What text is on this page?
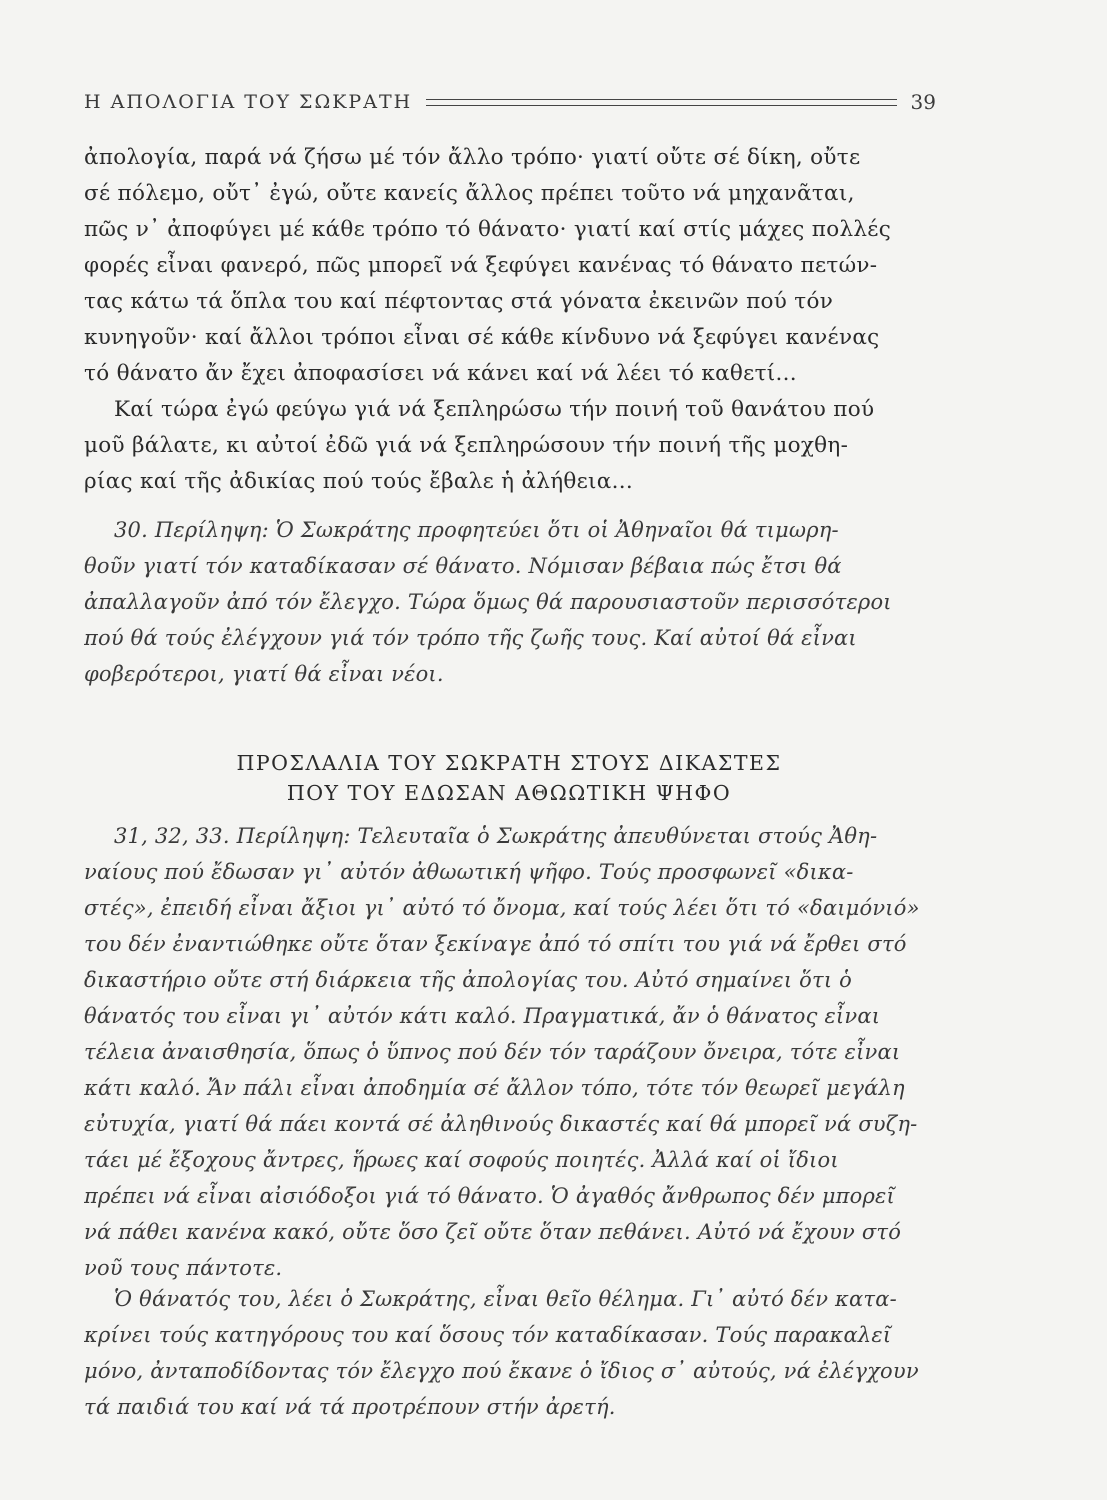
Η ΑΠΟΛΟΓΙΑ ΤΟΥ ΣΩΚΡΑΤΗ	39
ἀπολογία, παρά νά ζήσω μέ τόν ἄλλο τρόπο· γιατί οὔτε σέ δίκη, οὔτε
σέ πόλεμο, οὔτ᾽ ἐγώ, οὔτε κανείς ἄλλος πρέπει τοῦτο νά μηχανᾶται,
πῶς ν᾽ ἀποφύγει μέ κάθε τρόπο τό θάνατο· γιατί καί στίς μάχες πολλές
φορές εἶναι φανερό, πῶς μπορεῖ νά ξεφύγει κανένας τό θάνατο πετών-
τας κάτω τά ὅπλα του καί πέφτοντας στά γόνατα ἐκεινῶν πού τόν
κυνηγοῦν· καί ἄλλοι τρόποι εἶναι σέ κάθε κίνδυνο νά ξεφύγει κανένας
τό θάνατο ἄν ἔχει ἀποφασίσει νά κάνει καί νά λέει τό καθετί...
Καί τώρα ἐγώ φεύγω γιά νά ξεπληρώσω τήν ποινή τοῦ θανάτου πού
μοῦ βάλατε, κι αὐτοί ἐδῶ γιά νά ξεπληρώσουν τήν ποινή τῆς μοχθη-
ρίας καί τῆς ἀδικίας πού τούς ἔβαλε ἡ ἀλήθεια...
30. Περίληψη: Ὁ Σωκράτης προφητεύει ὅτι οἱ Ἀθηναῖοι θά τιμωρη-
θοῦν γιατί τόν καταδίκασαν σέ θάνατο. Νόμισαν βέβαια πώς ἔτσι θά
ἀπαλλαγοῦν ἀπό τόν ἔλεγχο. Τώρα ὅμως θά παρουσιαστοῦν περισσότεροι
πού θά τούς ἐλέγχουν γιά τόν τρόπο τῆς ζωῆς τους. Καί αὐτοί θά εἶναι
φοβερότεροι, γιατί θά εἶναι νέοι.
ΠΡΟΣΛΑΛΙΑ ΤΟΥ ΣΩΚΡΑΤΗ ΣΤΟΥΣ ΔΙΚΑΣΤΕΣ
ΠΟΥ ΤΟΥ ΕΔΩΣΑΝ ΑΘΩΩΤΙΚΗ ΨΗΦΟ
31, 32, 33. Περίληψη: Τελευταῖα ὁ Σωκράτης ἀπευθύνεται στούς Ἀθη-
ναίους πού ἔδωσαν γι᾽ αὐτόν ἀθωωτική ψῆφο. Τούς προσφωνεῖ «δικα-
στές», ἐπειδή εἶναι ἄξιοι γι᾽ αὐτό τό ὄνομα, καί τούς λέει ὅτι τό «δαιμόνιό»
του δέν ἐναντιώθηκε οὔτε ὅταν ξεκίναγε ἀπό τό σπίτι του γιά νά ἔρθει στό
δικαστήριο οὔτε στή διάρκεια τῆς ἀπολογίας του. Αὐτό σημαίνει ὅτι ὁ
θάνατός του εἶναι γι᾽ αὐτόν κάτι καλό. Πραγματικά, ἄν ὁ θάνατος εἶναι
τέλεια ἀναισθησία, ὅπως ὁ ὕπνος πού δέν τόν ταράζουν ὄνειρα, τότε εἶναι
κάτι καλό. Ἄν πάλι εἶναι ἀποδημία σέ ἄλλον τόπο, τότε τόν θεωρεῖ μεγάλη
εὐτυχία, γιατί θά πάει κοντά σέ ἀληθινούς δικαστές καί θά μπορεῖ νά συζη-
τάει μέ ἔξοχους ἄντρες, ἥρωες καί σοφούς ποιητές. Ἀλλά καί οἱ ἴδιοι
πρέπει νά εἶναι αἰσιόδοξοι γιά τό θάνατο. Ὁ ἀγαθός ἄνθρωπος δέν μπορεῖ
νά πάθει κανένα κακό, οὔτε ὅσο ζεῖ οὔτε ὅταν πεθάνει. Αὐτό νά ἔχουν στό
νοῦ τους πάντοτε.
Ὁ θάνατός του, λέει ὁ Σωκράτης, εἶναι θεῖο θέλημα. Γι᾽ αὐτό δέν κατα-
κρίνει τούς κατηγόρους του καί ὅσους τόν καταδίκασαν. Τούς παρακαλεῖ
μόνο, ἀνταποδίδοντας τόν ἔλεγχο πού ἔκανε ὁ ἴδιος σ᾽ αὐτούς, νά ἐλέγχουν
τά παιδιά του καί νά τά προτρέπουν στήν ἀρετή.
